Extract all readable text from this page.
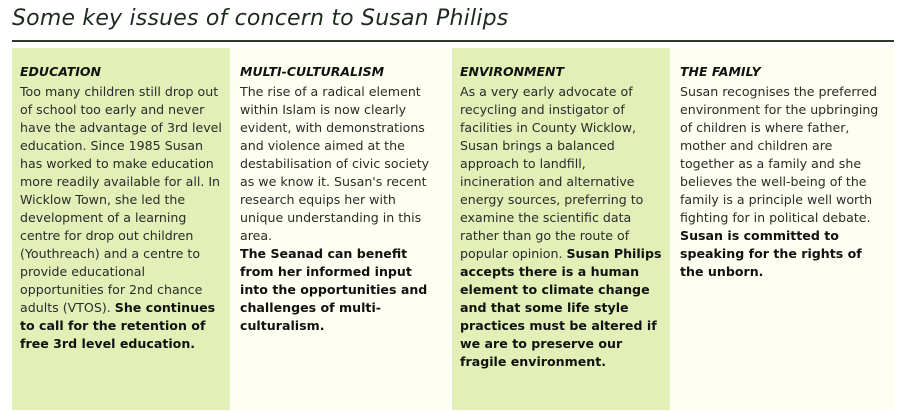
Some key issues of concern to Susan Philips
EDUCATION

Too many children still drop out of school too early and never have the advantage of 3rd level education. Since 1985 Susan has worked to make education more readily available for all. In Wicklow Town, she led the development of a learning centre for drop out children (Youthreach) and a centre to provide educational opportunities for 2nd chance adults (VTOS). She continues to call for the retention of free 3rd level education.

MULTI-CULTURALISM

The rise of a radical element within Islam is now clearly evident, with demonstrations and violence aimed at the destabilisation of civic society as we know it. Susan's recent research equips her with unique understanding in this area.
The Seanad can benefit from her informed input into the opportunities and challenges of multi-culturalism.

ENVIRONMENT

As a very early advocate of recycling and instigator of facilities in County Wicklow, Susan brings a balanced approach to landfill, incineration and alternative energy sources, preferring to examine the scientific data rather than go the route of popular opinion. Susan Philips accepts there is a human element to climate change and that some life style practices must be altered if we are to preserve our fragile environment.

THE FAMILY

Susan recognises the preferred environment for the upbringing of children is where father, mother and children are together as a family and she believes the well-being of the family is a principle well worth fighting for in political debate.
Susan is committed to speaking for the rights of the unborn.
